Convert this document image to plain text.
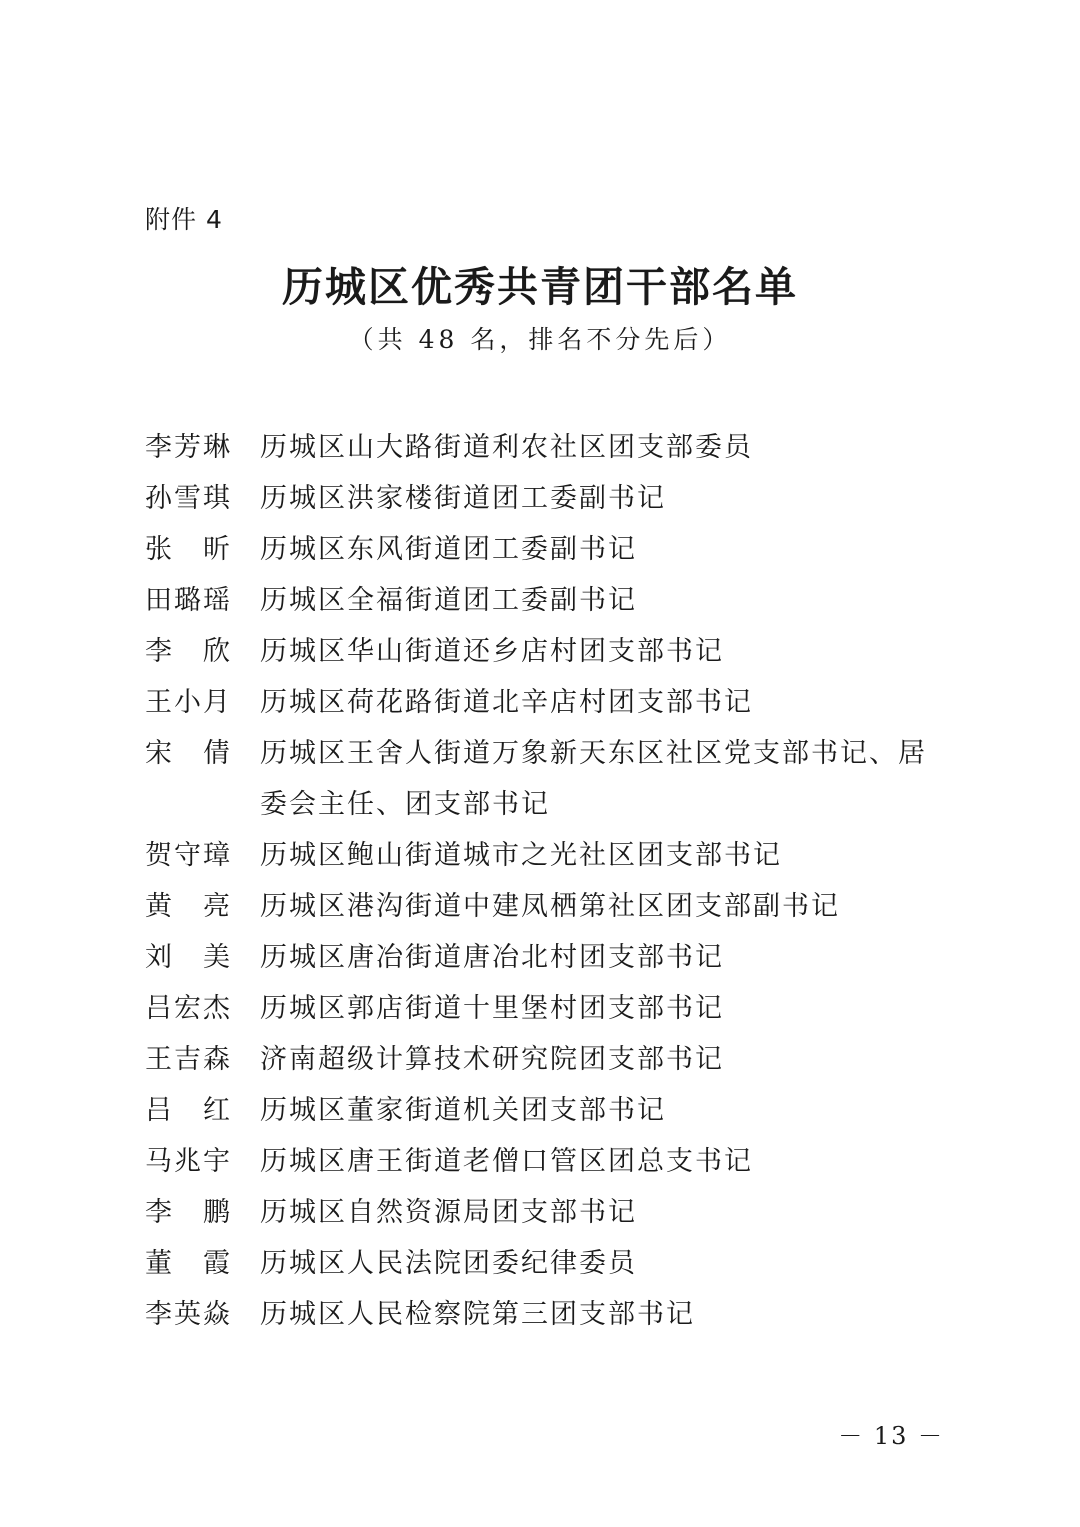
附件 4
历城区优秀共青团干部名单
（共 48 名，排名不分先后）
李芳琳 历城区山大路街道利农社区团支部委员
孙雪琪 历城区洪家楼街道团工委副书记
张　昕 历城区东风街道团工委副书记
田璐瑶 历城区全福街道团工委副书记
李　欣 历城区华山街道还乡店村团支部书记
王小月 历城区荷花路街道北辛店村团支部书记
宋　倩 历城区王舍人街道万象新天东区社区党支部书记、居委会主任、团支部书记
贺守璋 历城区鲍山街道城市之光社区团支部书记
黄　亮 历城区港沟街道中建凤栖第社区团支部副书记
刘　美 历城区唐冶街道唐冶北村团支部书记
吕宏杰 历城区郭店街道十里堡村团支部书记
王吉森 济南超级计算技术研究院团支部书记
吕　红 历城区董家街道机关团支部书记
马兆宇 历城区唐王街道老僧口管区团总支书记
李　鹏 历城区自然资源局团支部书记
董　霞 历城区人民法院团委纪律委员
李英焱 历城区人民检察院第三团支部书记
－ 13 －
